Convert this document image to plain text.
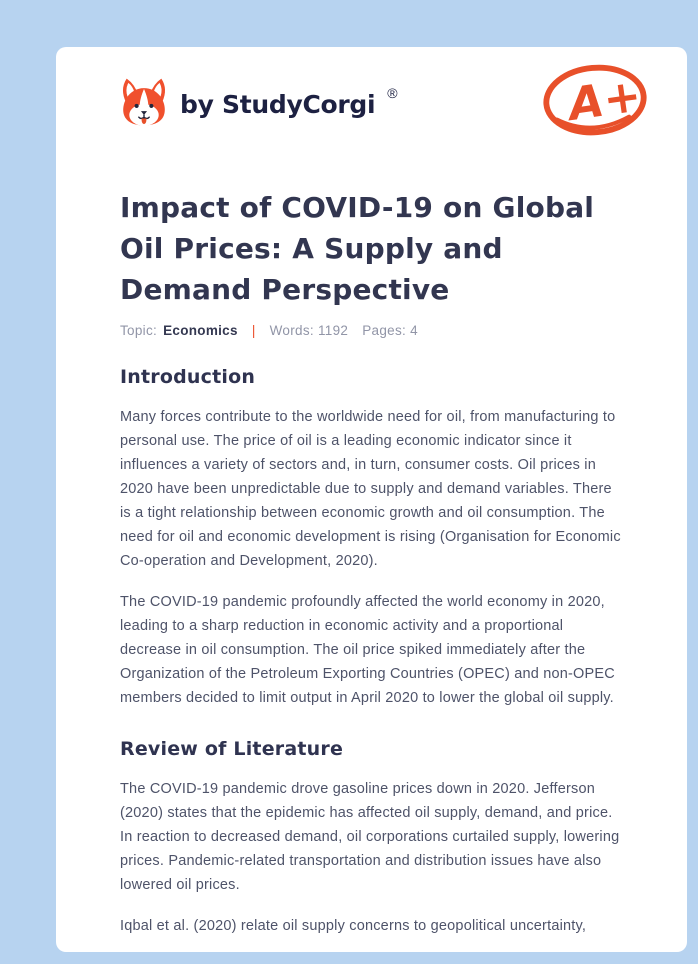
by StudyCorgi ®	A+
Impact of COVID-19 on Global Oil Prices: A Supply and Demand Perspective
Topic: Economics | Words: 1192 Pages: 4
Introduction

Many forces contribute to the worldwide need for oil, from manufacturing to personal use. The price of oil is a leading economic indicator since it influences a variety of sectors and, in turn, consumer costs. Oil prices in 2020 have been unpredictable due to supply and demand variables. There is a tight relationship between economic growth and oil consumption. The need for oil and economic development is rising (Organisation for Economic Co-operation and Development, 2020).

The COVID-19 pandemic profoundly affected the world economy in 2020, leading to a sharp reduction in economic activity and a proportional decrease in oil consumption. The oil price spiked immediately after the Organization of the Petroleum Exporting Countries (OPEC) and non-OPEC members decided to limit output in April 2020 to lower the global oil supply.

Review of Literature

The COVID-19 pandemic drove gasoline prices down in 2020. Jefferson (2020) states that the epidemic has affected oil supply, demand, and price. In reaction to decreased demand, oil corporations curtailed supply, lowering prices. Pandemic-related transportation and distribution issues have also lowered oil prices.

Iqbal et al. (2020) relate oil supply concerns to geopolitical uncertainty,
